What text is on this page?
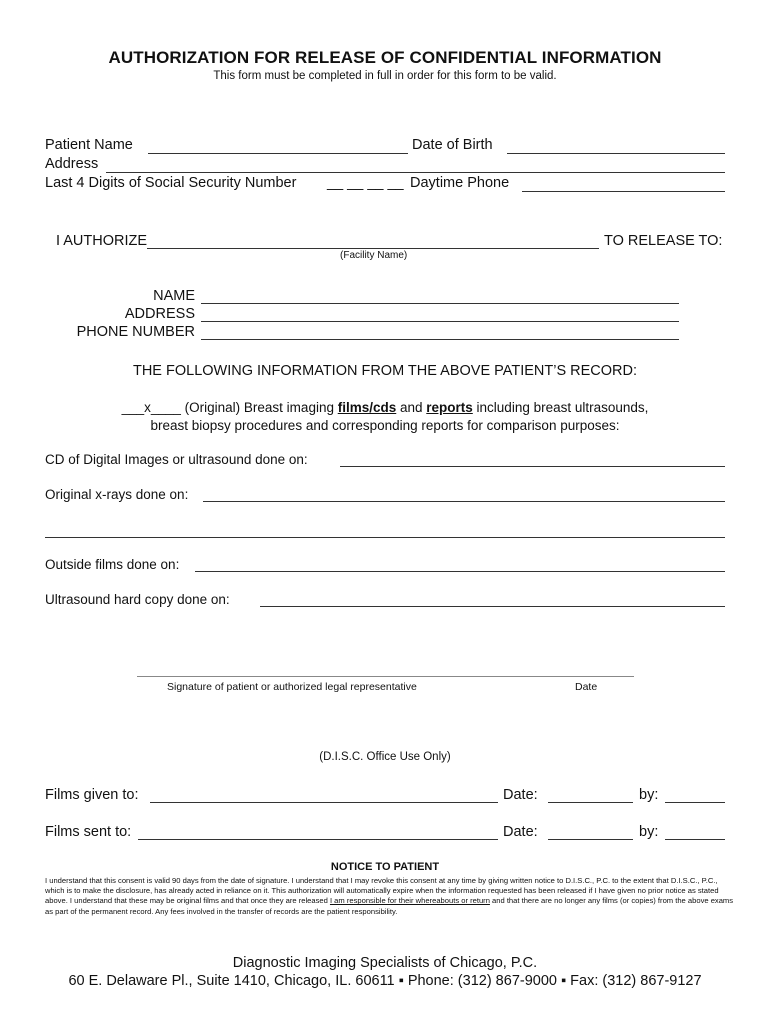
AUTHORIZATION FOR RELEASE OF CONFIDENTIAL INFORMATION
This form must be completed in full in order for this form to be valid.
Patient Name	Date of Birth
Address
Last 4 Digits of Social Security Number __ __ __ __ Daytime Phone
I AUTHORIZE
(Facility Name)
TO RELEASE TO:
NAME
ADDRESS
PHONE NUMBER
THE FOLLOWING INFORMATION FROM THE ABOVE PATIENT’S RECORD:
___x____ (Original) Breast imaging films/cds and reports including breast ultrasounds,
breast biopsy procedures and corresponding reports for comparison purposes:
CD of Digital Images or ultrasound done on:
Original x-rays done on:
Outside films done on:
Ultrasound hard copy done on:
Signature of patient or authorized legal representative	Date
(D.I.S.C. Office Use Only)
Films given to:	Date:	by:
Films sent to:	Date:	by:
NOTICE TO PATIENT
I understand that this consent is valid 90 days from the date of signature. I understand that I may revoke this consent at any time by giving written notice to D.I.S.C., P.C. to the extent that D.I.S.C., P.C., which is to make the disclosure, has already acted in reliance on it. This authorization will automatically expire when the information requested has been released if I have given no prior notice as stated above. I understand that these may be original films and that once they are released I am responsible for their whereabouts or return and that there are no longer any films (or copies) from the above exams as part of the permanent record. Any fees involved in the transfer of records are the patient responsibility.
Diagnostic Imaging Specialists of Chicago, P.C.
60 E. Delaware Pl., Suite 1410, Chicago, IL. 60611 ▪ Phone: (312) 867-9000 ▪ Fax: (312) 867-9127
